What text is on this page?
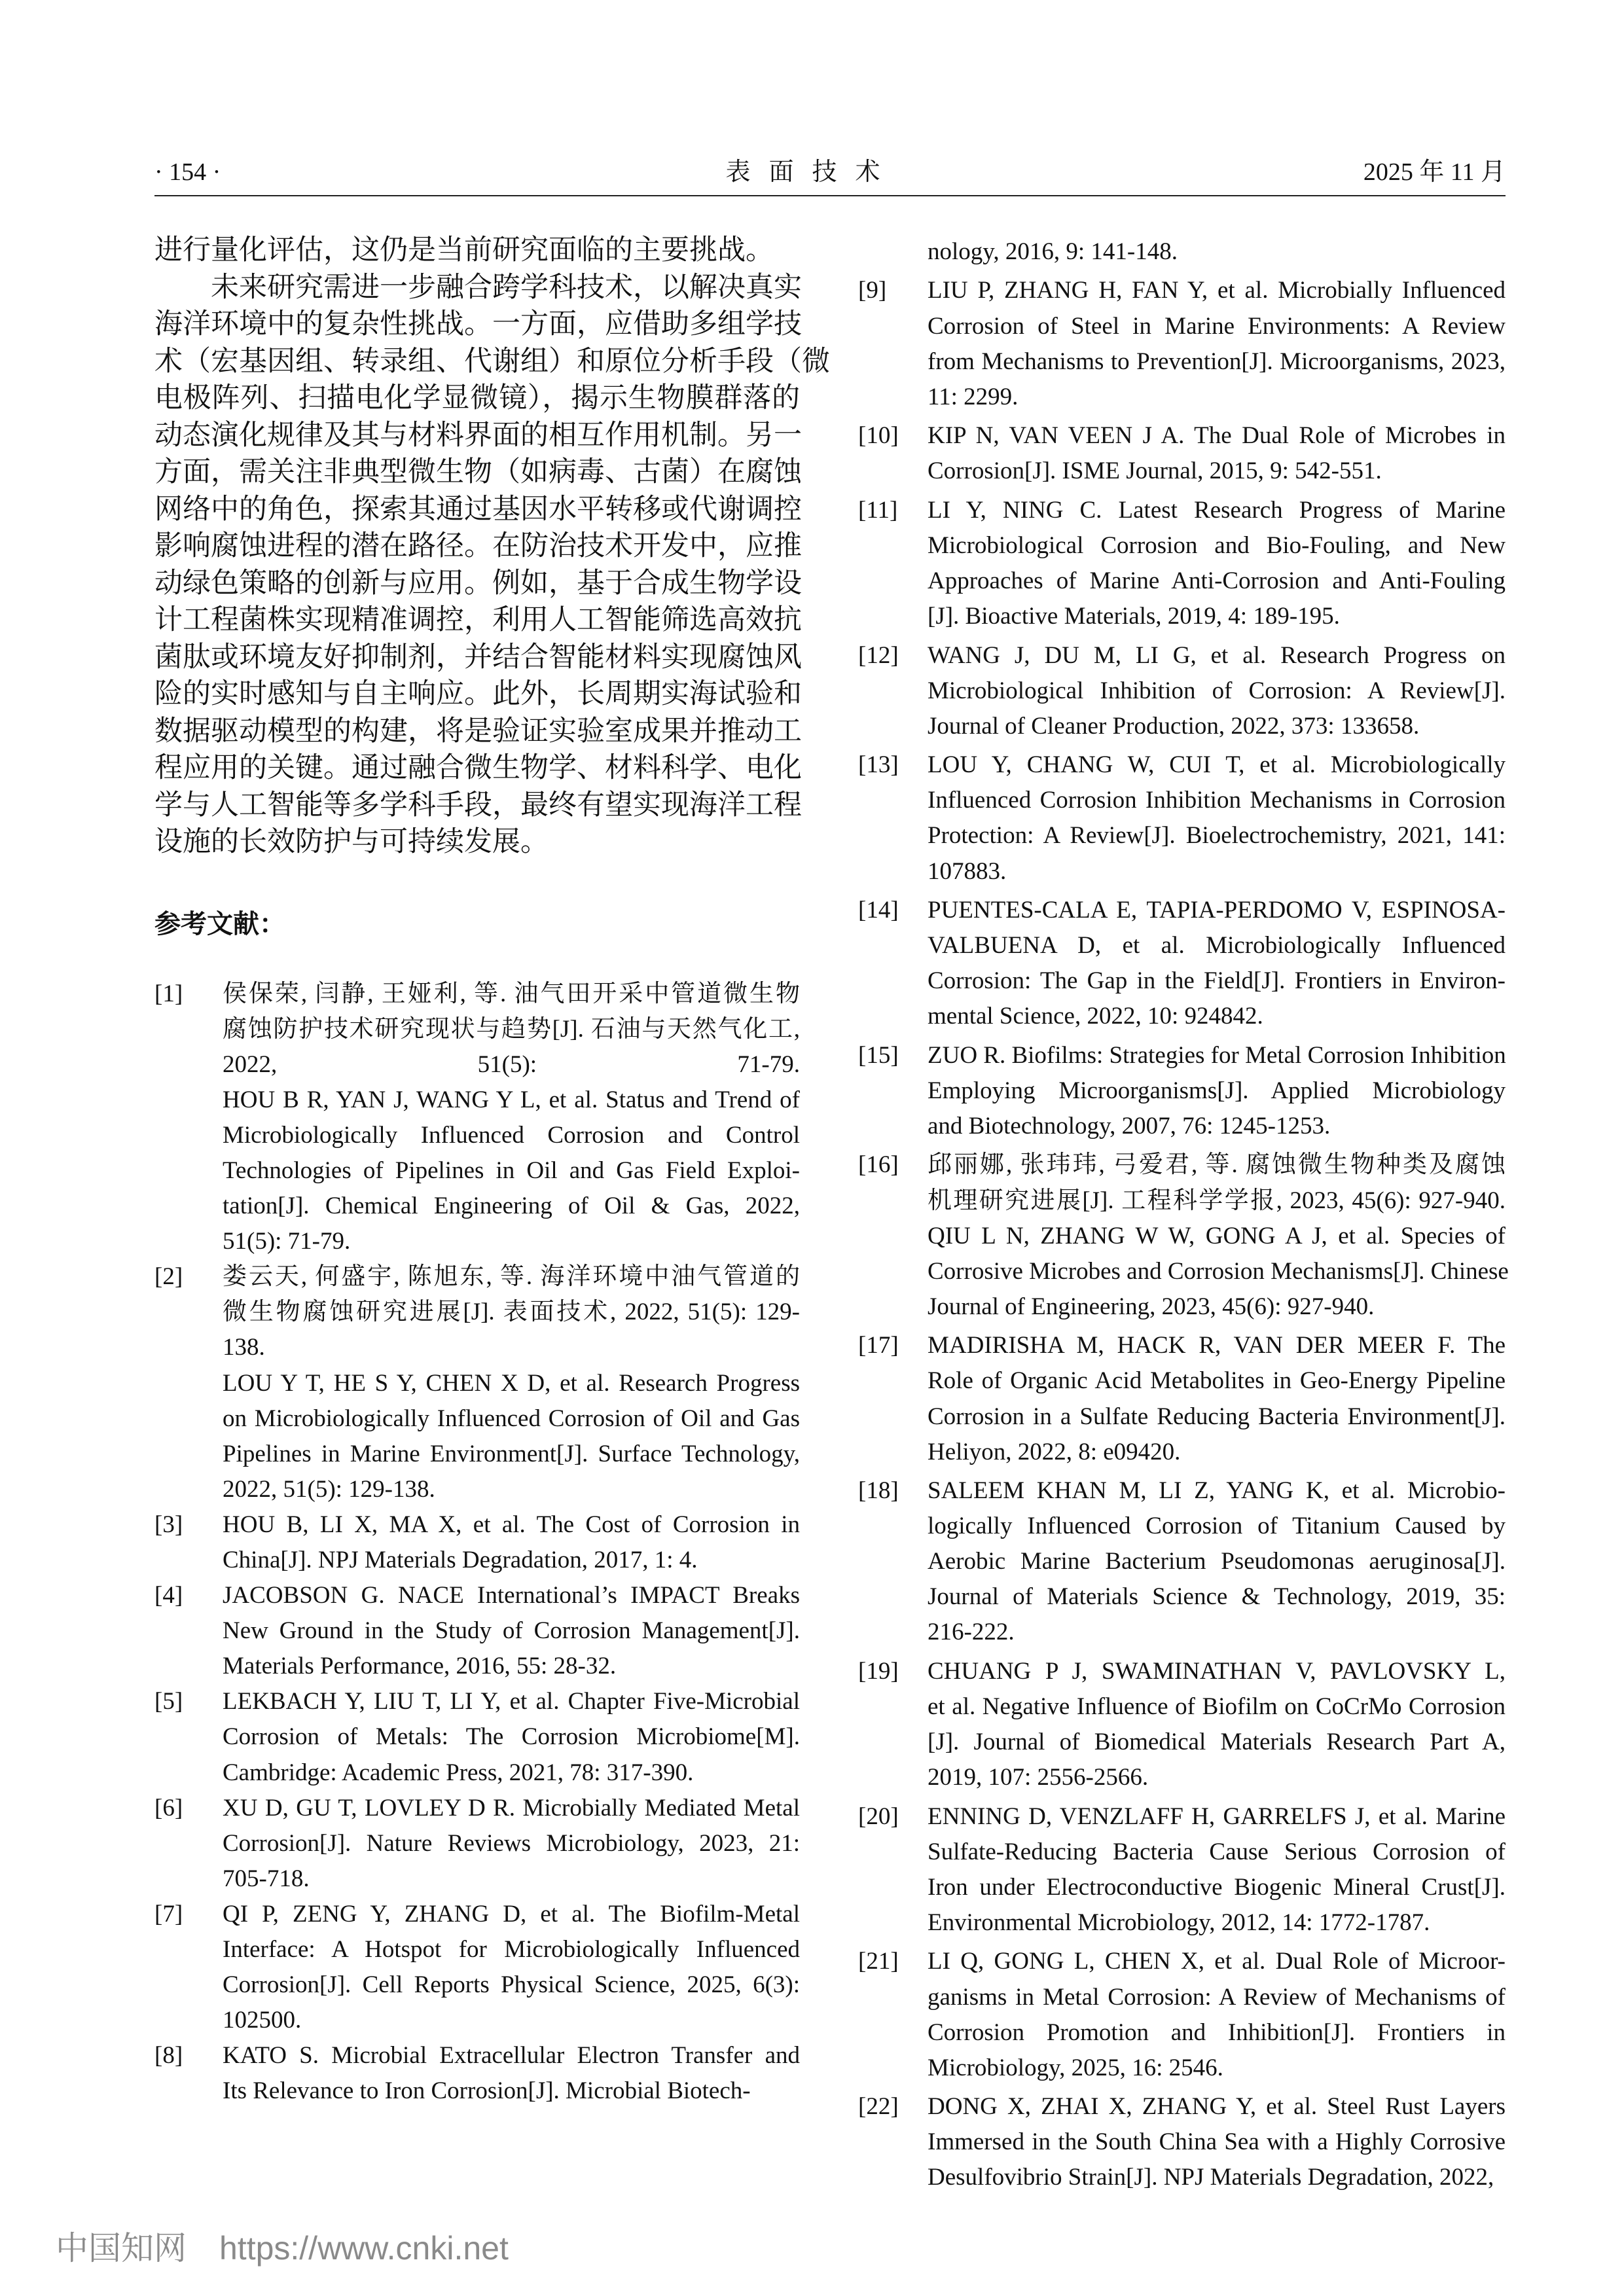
· 154 ·	表面技术	2025 年 11 月
进行量化评估，这仍是当前研究面临的主要挑战。
未来研究需进一步融合跨学科技术，以解决真实
海洋环境中的复杂性挑战。一方面，应借助多组学技
术（宏基因组、转录组、代谢组）和原位分析手段（微
电极阵列、扫描电化学显微镜），揭示生物膜群落的
动态演化规律及其与材料界面的相互作用机制。另一
方面，需关注非典型微生物（如病毒、古菌）在腐蚀
网络中的角色，探索其通过基因水平转移或代谢调控
影响腐蚀进程的潜在路径。在防治技术开发中，应推
动绿色策略的创新与应用。例如，基于合成生物学设
计工程菌株实现精准调控，利用人工智能筛选高效抗
菌肽或环境友好抑制剂，并结合智能材料实现腐蚀风
险的实时感知与自主响应。此外，长周期实海试验和
数据驱动模型的构建，将是验证实验室成果并推动工
程应用的关键。通过融合微生物学、材料科学、电化
学与人工智能等多学科手段，最终有望实现海洋工程
设施的长效防护与可持续发展。
参考文献：
[1] 侯保荣, 闫静, 王娅利, 等. 油气田开采中管道微生物
腐蚀防护技术研究现状与趋势[J]. 石油与天然气化工,
2022, 51(5): 71-79.
HOU B R, YAN J, WANG Y L, et al. Status and Trend of
Microbiologically Influenced Corrosion and Control
Technologies of Pipelines in Oil and Gas Field Exploi-
tation[J]. Chemical Engineering of Oil & Gas, 2022,
51(5): 71-79.
[2] 娄云天, 何盛宇, 陈旭东, 等. 海洋环境中油气管道的
微生物腐蚀研究进展[J]. 表面技术, 2022, 51(5): 129-
138.
LOU Y T, HE S Y, CHEN X D, et al. Research Progress
on Microbiologically Influenced Corrosion of Oil and Gas
Pipelines in Marine Environment[J]. Surface Technology,
2022, 51(5): 129-138.
[3] HOU B, LI X, MA X, et al. The Cost of Corrosion in
China[J]. NPJ Materials Degradation, 2017, 1: 4.
[4] JACOBSON G. NACE International’s IMPACT Breaks
New Ground in the Study of Corrosion Management[J].
Materials Performance, 2016, 55: 28-32.
[5] LEKBACH Y, LIU T, LI Y, et al. Chapter Five-Microbial
Corrosion of Metals: The Corrosion Microbiome[M].
Cambridge: Academic Press, 2021, 78: 317-390.
[6] XU D, GU T, LOVLEY D R. Microbially Mediated Metal
Corrosion[J]. Nature Reviews Microbiology, 2023, 21:
705-718.
[7] QI P, ZENG Y, ZHANG D, et al. The Biofilm-Metal
Interface: A Hotspot for Microbiologically Influenced
Corrosion[J]. Cell Reports Physical Science, 2025, 6(3):
102500.
[8] KATO S. Microbial Extracellular Electron Transfer and
Its Relevance to Iron Corrosion[J]. Microbial Biotech-
nology, 2016, 9: 141-148.
[9] LIU P, ZHANG H, FAN Y, et al. Microbially Influenced
Corrosion of Steel in Marine Environments: A Review
from Mechanisms to Prevention[J]. Microorganisms, 2023,
11: 2299.
[10] KIP N, VAN VEEN J A. The Dual Role of Microbes in
Corrosion[J]. ISME Journal, 2015, 9: 542-551.
[11] LI Y, NING C. Latest Research Progress of Marine
Microbiological Corrosion and Bio-Fouling, and New
Approaches of Marine Anti-Corrosion and Anti-Fouling
[J]. Bioactive Materials, 2019, 4: 189-195.
[12] WANG J, DU M, LI G, et al. Research Progress on
Microbiological Inhibition of Corrosion: A Review[J].
Journal of Cleaner Production, 2022, 373: 133658.
[13] LOU Y, CHANG W, CUI T, et al. Microbiologically
Influenced Corrosion Inhibition Mechanisms in Corrosion
Protection: A Review[J]. Bioelectrochemistry, 2021, 141:
107883.
[14] PUENTES-CALA E, TAPIA-PERDOMO V, ESPINOSA-
VALBUENA D, et al. Microbiologically Influenced
Corrosion: The Gap in the Field[J]. Frontiers in Environ-
mental Science, 2022, 10: 924842.
[15] ZUO R. Biofilms: Strategies for Metal Corrosion Inhibition
Employing Microorganisms[J]. Applied Microbiology
and Biotechnology, 2007, 76: 1245-1253.
[16] 邱丽娜, 张玮玮, 弓爱君, 等. 腐蚀微生物种类及腐蚀
机理研究进展[J]. 工程科学学报, 2023, 45(6): 927-940.
QIU L N, ZHANG W W, GONG A J, et al. Species of
Corrosive Microbes and Corrosion Mechanisms[J]. Chinese
Journal of Engineering, 2023, 45(6): 927-940.
[17] MADIRISHA M, HACK R, VAN DER MEER F. The
Role of Organic Acid Metabolites in Geo-Energy Pipeline
Corrosion in a Sulfate Reducing Bacteria Environment[J].
Heliyon, 2022, 8: e09420.
[18] SALEEM KHAN M, LI Z, YANG K, et al. Microbio-
logically Influenced Corrosion of Titanium Caused by
Aerobic Marine Bacterium Pseudomonas aeruginosa[J].
Journal of Materials Science & Technology, 2019, 35:
216-222.
[19] CHUANG P J, SWAMINATHAN V, PAVLOVSKY L,
et al. Negative Influence of Biofilm on CoCrMo Corrosion
[J]. Journal of Biomedical Materials Research Part A,
2019, 107: 2556-2566.
[20] ENNING D, VENZLAFF H, GARRELFS J, et al. Marine
Sulfate-Reducing Bacteria Cause Serious Corrosion of
Iron under Electroconductive Biogenic Mineral Crust[J].
Environmental Microbiology, 2012, 14: 1772-1787.
[21] LI Q, GONG L, CHEN X, et al. Dual Role of Microor-
ganisms in Metal Corrosion: A Review of Mechanisms of
Corrosion Promotion and Inhibition[J]. Frontiers in
Microbiology, 2025, 16: 2546.
[22] DONG X, ZHAI X, ZHANG Y, et al. Steel Rust Layers
Immersed in the South China Sea with a Highly Corrosive
Desulfovibrio Strain[J]. NPJ Materials Degradation, 2022,
中国知网 https://www.cnki.net
